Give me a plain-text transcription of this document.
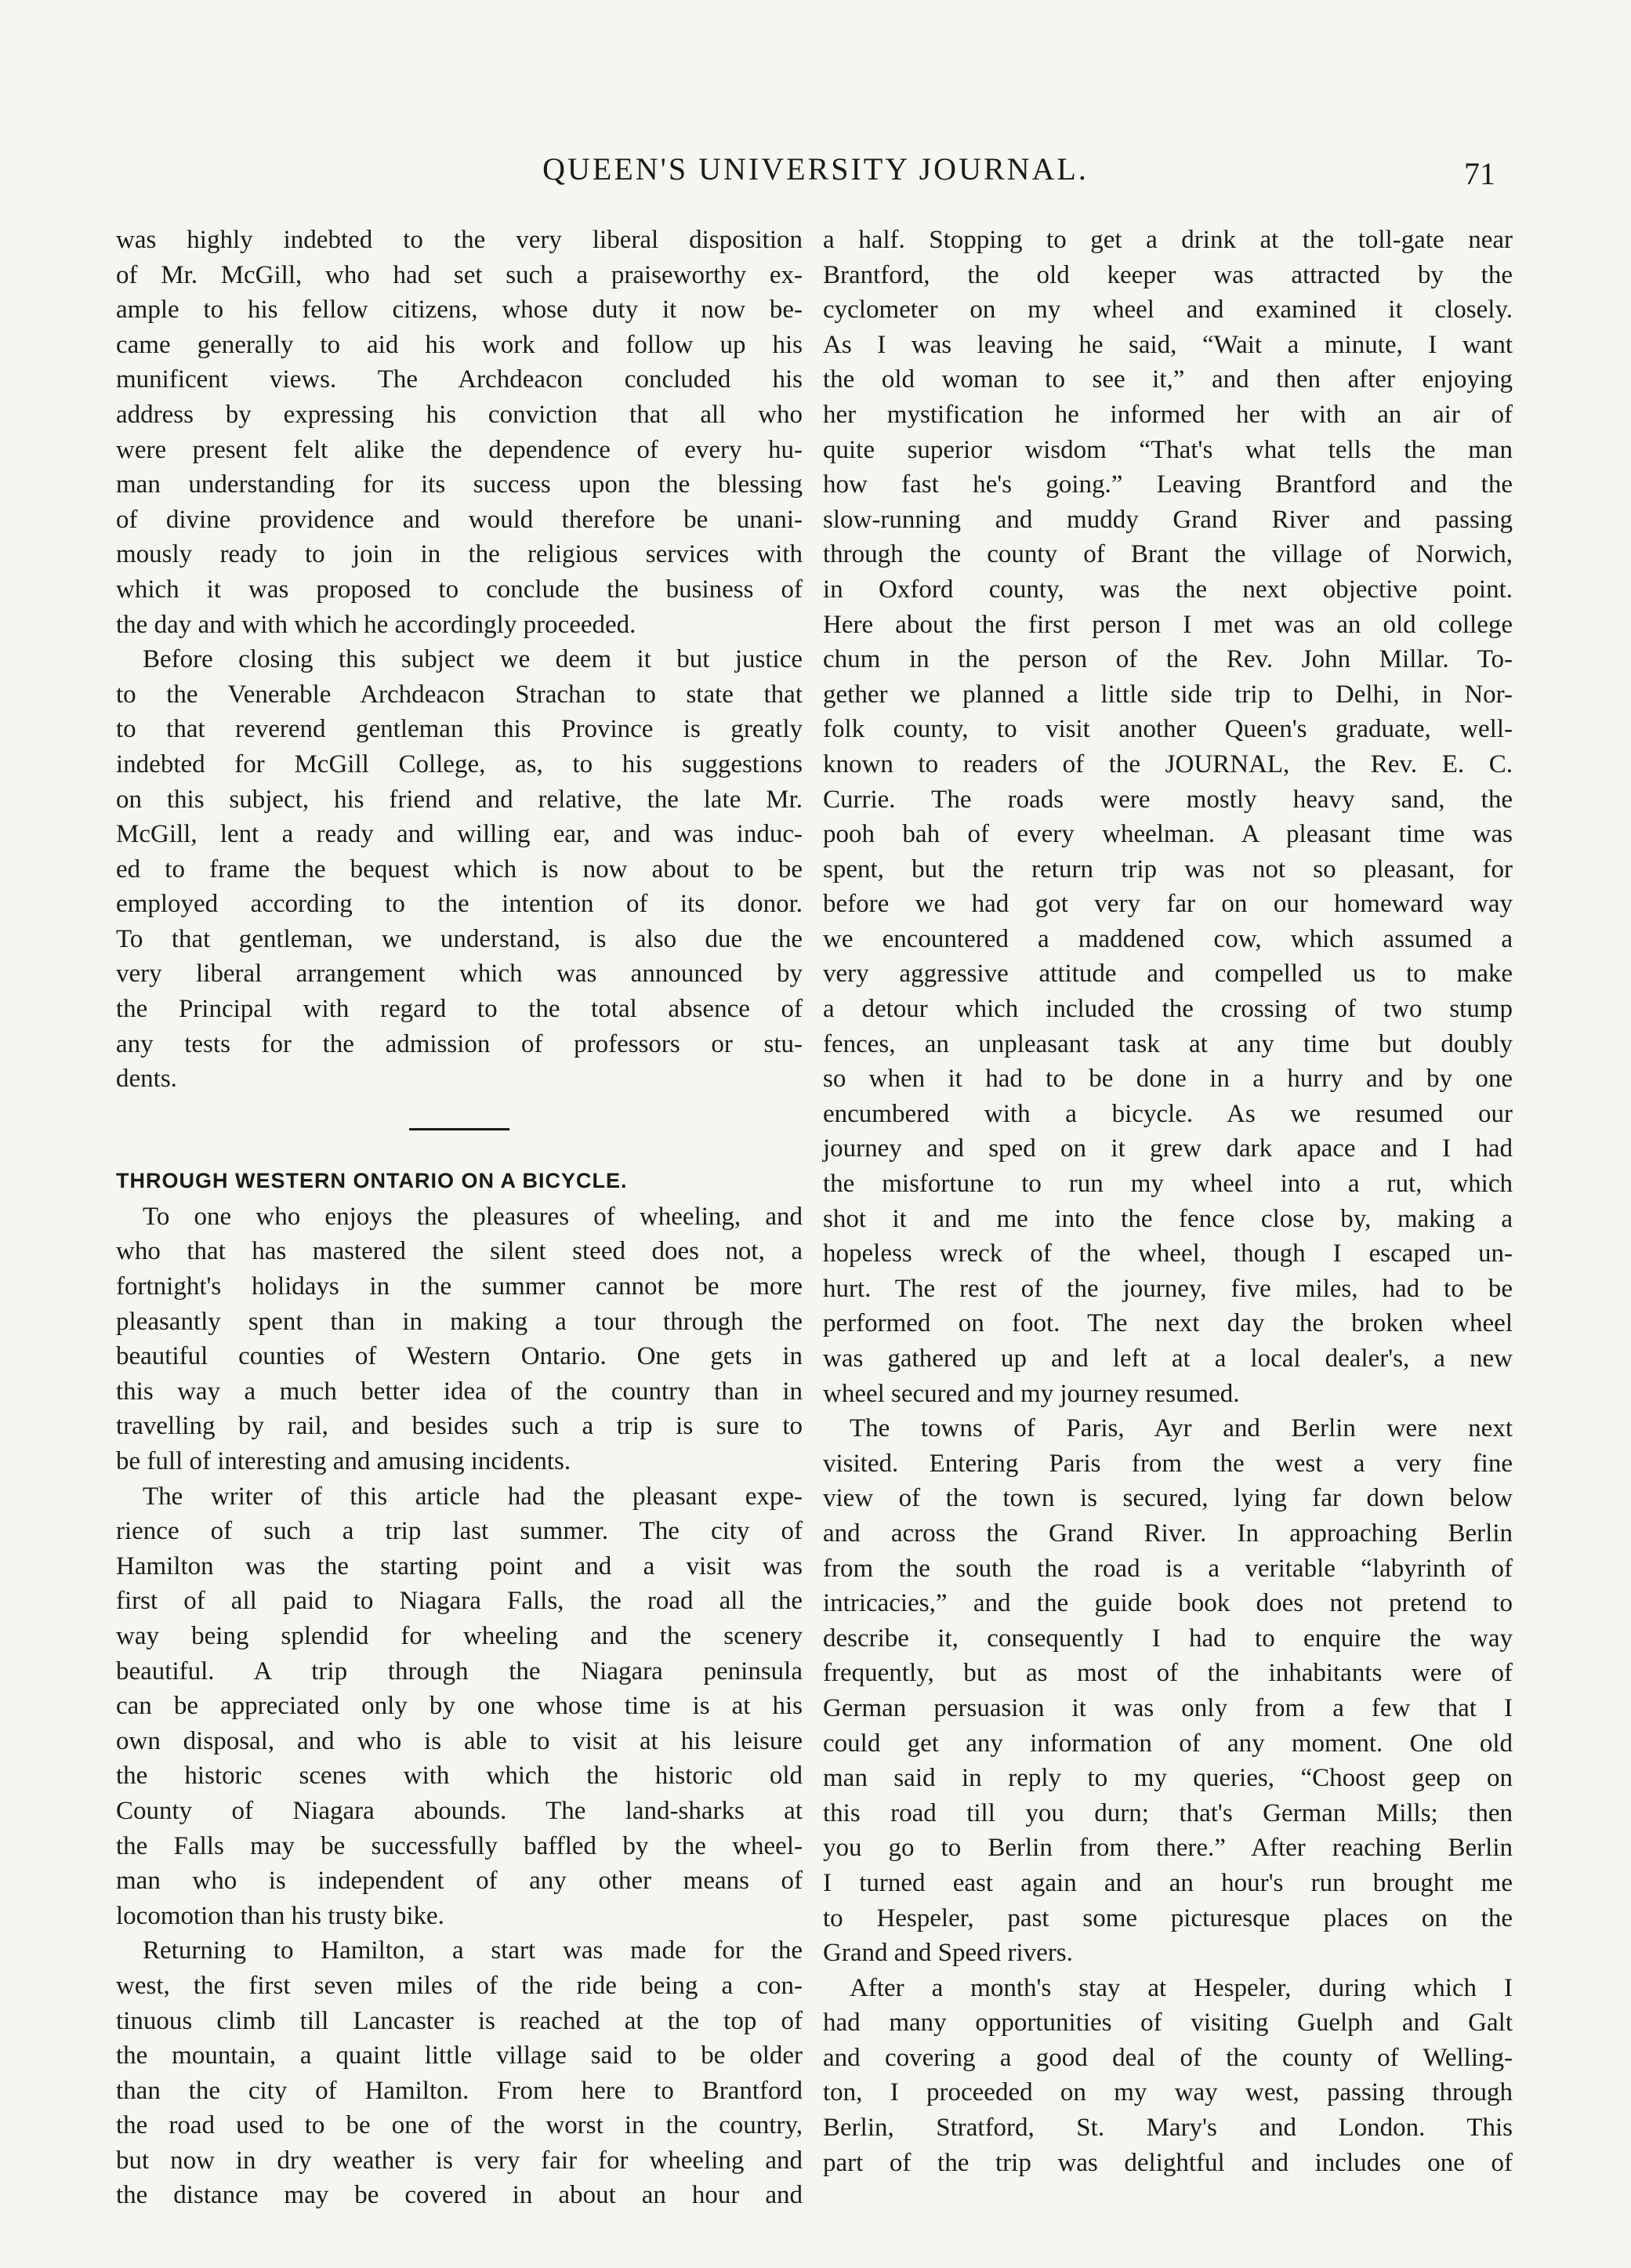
QUEEN'S UNIVERSITY JOURNAL.	71
was highly indebted to the very liberal disposition
of Mr. McGill, who had set such a praiseworthy ex-
ample to his fellow citizens, whose duty it now be-
came generally to aid his work and follow up his
munificent views. The Archdeacon concluded his
address by expressing his conviction that all who
were present felt alike the dependence of every hu-
man understanding for its success upon the blessing
of divine providence and would therefore be unani-
mously ready to join in the religious services with
which it was proposed to conclude the business of
the day and with which he accordingly proceeded.
Before closing this subject we deem it but justice
to the Venerable Archdeacon Strachan to state that
to that reverend gentleman this Province is greatly
indebted for McGill College, as, to his suggestions
on this subject, his friend and relative, the late Mr.
McGill, lent a ready and willing ear, and was induc-
ed to frame the bequest which is now about to be
employed according to the intention of its donor.
To that gentleman, we understand, is also due the
very liberal arrangement which was announced by
the Principal with regard to the total absence of
any tests for the admission of professors or stu-
dents.
THROUGH WESTERN ONTARIO ON A BICYCLE.
To one who enjoys the pleasures of wheeling, and
who that has mastered the silent steed does not, a
fortnight's holidays in the summer cannot be more
pleasantly spent than in making a tour through the
beautiful counties of Western Ontario. One gets in
this way a much better idea of the country than in
travelling by rail, and besides such a trip is sure to
be full of interesting and amusing incidents.
The writer of this article had the pleasant expe-
rience of such a trip last summer. The city of
Hamilton was the starting point and a visit was
first of all paid to Niagara Falls, the road all the
way being splendid for wheeling and the scenery
beautiful. A trip through the Niagara peninsula
can be appreciated only by one whose time is at his
own disposal, and who is able to visit at his leisure
the historic scenes with which the historic old
County of Niagara abounds. The land-sharks at
the Falls may be successfully baffled by the wheel-
man who is independent of any other means of
locomotion than his trusty bike.
Returning to Hamilton, a start was made for the
west, the first seven miles of the ride being a con-
tinuous climb till Lancaster is reached at the top of
the mountain, a quaint little village said to be older
than the city of Hamilton. From here to Brantford
the road used to be one of the worst in the country,
but now in dry weather is very fair for wheeling and
the distance may be covered in about an hour and
a half. Stopping to get a drink at the toll-gate near
Brantford, the old keeper was attracted by the
cyclometer on my wheel and examined it closely.
As I was leaving he said, “Wait a minute, I want
the old woman to see it,” and then after enjoying
her mystification he informed her with an air of
quite superior wisdom “That's what tells the man
how fast he's going.” Leaving Brantford and the
slow-running and muddy Grand River and passing
through the county of Brant the village of Norwich,
in Oxford county, was the next objective point.
Here about the first person I met was an old college
chum in the person of the Rev. John Millar. To-
gether we planned a little side trip to Delhi, in Nor-
folk county, to visit another Queen's graduate, well-
known to readers of the JOURNAL, the Rev. E. C.
Currie. The roads were mostly heavy sand, the
pooh bah of every wheelman. A pleasant time was
spent, but the return trip was not so pleasant, for
before we had got very far on our homeward way
we encountered a maddened cow, which assumed a
very aggressive attitude and compelled us to make
a detour which included the crossing of two stump
fences, an unpleasant task at any time but doubly
so when it had to be done in a hurry and by one
encumbered with a bicycle. As we resumed our
journey and sped on it grew dark apace and I had
the misfortune to run my wheel into a rut, which
shot it and me into the fence close by, making a
hopeless wreck of the wheel, though I escaped un-
hurt. The rest of the journey, five miles, had to be
performed on foot. The next day the broken wheel
was gathered up and left at a local dealer's, a new
wheel secured and my journey resumed.
The towns of Paris, Ayr and Berlin were next
visited. Entering Paris from the west a very fine
view of the town is secured, lying far down below
and across the Grand River. In approaching Berlin
from the south the road is a veritable “labyrinth of
intricacies,” and the guide book does not pretend to
describe it, consequently I had to enquire the way
frequently, but as most of the inhabitants were of
German persuasion it was only from a few that I
could get any information of any moment. One old
man said in reply to my queries, “Choost geep on
this road till you durn; that's German Mills; then
you go to Berlin from there.” After reaching Berlin
I turned east again and an hour's run brought me
to Hespeler, past some picturesque places on the
Grand and Speed rivers.
After a month's stay at Hespeler, during which I
had many opportunities of visiting Guelph and Galt
and covering a good deal of the county of Welling-
ton, I proceeded on my way west, passing through
Berlin, Stratford, St. Mary's and London. This
part of the trip was delightful and includes one of
